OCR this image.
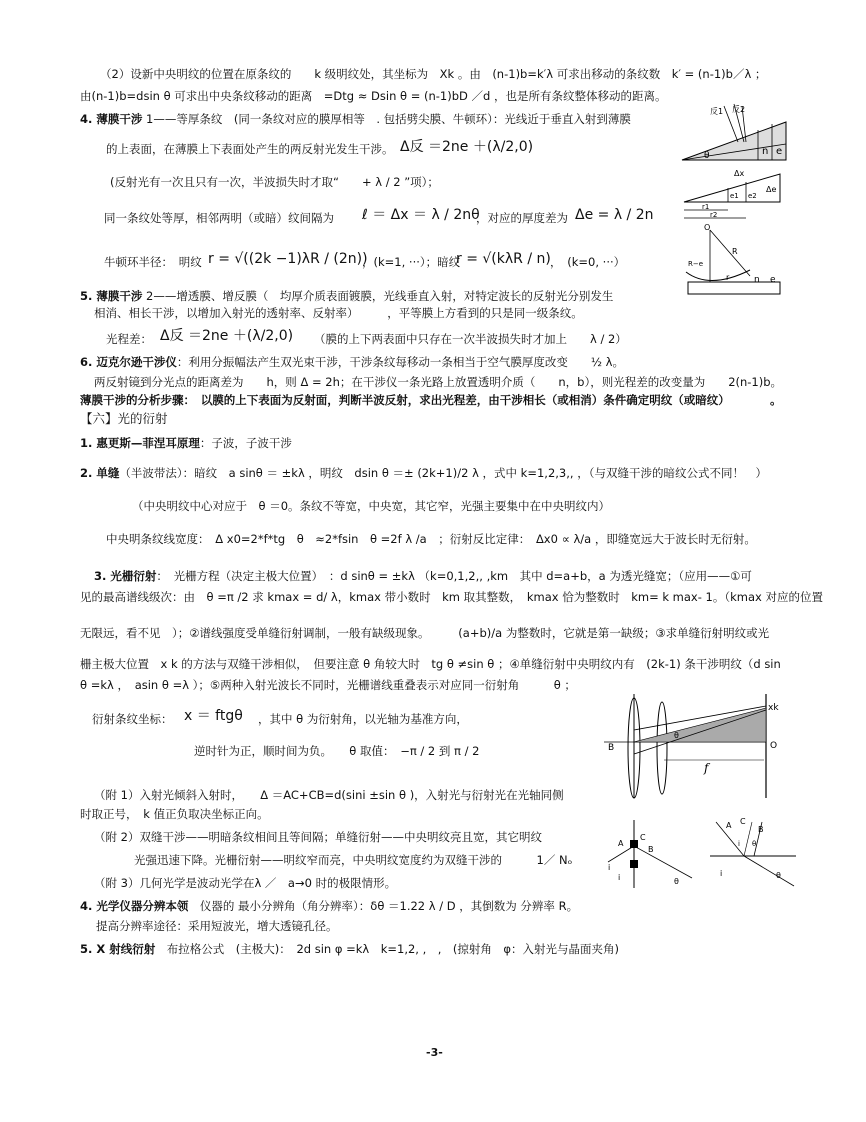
（2）设新中央明纹的位置在原条纹的　　k 级明纹处，其坐标为　Xk 。由　(n-1)b=k′λ 可求出移动的条纹数　k′ = (n-1)b／λ ；
由(n-1)b=dsin θ 可求出中央条纹移动的距离　=Dtg ≈ Dsin θ = (n-1)bD ／d ，也是所有条纹整体移动的距离。
4. 薄膜干涉 1——等厚条纹　(同一条纹对应的膜厚相等　. 包括劈尖膜、牛顿环）：光线近于垂直入射到薄膜
的上表面，在薄膜上下表面处产生的两反射光发生干涉。 Δ反 ＝2ne ＋(λ/2,0)
(反射光有一次且只有一次，半波损失时才取“　　+ λ / 2 ”项）；
同一条纹处等厚，相邻两明（或暗）纹间隔为 ℓ ＝ Δx ＝ λ / 2nθ
，对应的厚度差为 Δe = λ / 2n
牛顿环半径：　明纹 r = √((2k −1)λR / (2n))
，(k=1, ···）；暗纹
r = √(kλR / n) ，　(k=0, ···）
5. 薄膜干涉 2——增透膜、增反膜（　均厚介质表面镀膜，光线垂直入射，对特定波长的反射光分别发生
相消、相长干涉，以增加入射光的透射率、反射率）　　　，平等膜上方看到的只是同一级条纹。
光程差： Δ反 ＝2ne ＋(λ/2,0) （膜的上下两表面中只存在一次半波损失时才加上　　λ / 2）
6. 迈克尔逊干涉仪：利用分振幅法产生双光束干涉，干涉条纹每移动一条相当于空气膜厚度改变　　½ λ。
两反射镜到分光点的距离差为　　h，则 Δ = 2h；在干涉仪一条光路上放置透明介质（　　n，b），则光程差的改变量为　　2(n-1)b。
薄膜干涉的分析步骤：　以膜的上下表面为反射面，判断半波反射，求出光程差，由干涉相长（或相消）条件确定明纹（或暗纹）　　　　。
【六】光的衍射
1. 惠更斯—菲涅耳原理：子波，子波干涉
2. 单缝（半波带法）：暗纹　a sinθ ＝ ±kλ ，明纹　dsin θ ＝± (2k+1)/2 λ ，式中 k=1,2,3,, ，（与双缝干涉的暗纹公式不同！　）
（中央明纹中心对应于　θ ＝0。条纹不等宽，中央宽，其它窄，光强主要集中在中央明纹内）
中央明条纹线宽度：　Δ x0=2*f*tg　θ　≈2*fsin　θ =2f λ /a　；衍射反比定律：　Δx0 ∝ λ/a ，即缝宽远大于波长时无衍射。
3. 光栅衍射：　光栅方程（决定主极大位置）　：d sinθ = ±kλ （k=0,1,2,, ,km　其中 d=a+b，a 为透光缝宽；（应用——①可
见的最高谱线级次：由　θ =π /2 求 kmax = d/ λ，kmax 带小数时　km 取其整数，　kmax 恰为整数时　km= k max- 1。（kmax 对应的位置
无限远，看不见　）；②谱线强度受单缝衍射调制，一般有缺级现象。　　　(a+b)/a 为整数时，它就是第一缺级；③求单缝衍射明纹或光
栅主极大位置　x k 的方法与双缝干涉相似，　但要注意 θ 角较大时　tg θ ≠sin θ ；④单缝衍射中央明纹内有　(2k-1) 条干涉明纹（d sin
θ =kλ ，　asin θ =λ ）；⑤两种入射光波长不同时，光栅谱线重叠表示对应同一衍射角　　　θ ；
衍射条纹坐标： x ＝ ftgθ ，其中 θ 为衍射角，以光轴为基准方向，
逆时针为正，顺时间为负。　　θ 取值：　−π / 2 到 π / 2
（附 1）入射光倾斜入射时，　　Δ ＝AC+CB=d(sini ±sin θ )，入射光与衍射光在光轴同侧
时取正号，　k 值正负取决坐标正向。
（附 2）双缝干涉——明暗条纹相间且等间隔；单缝衍射——中央明纹亮且宽，其它明纹
光强迅速下降。光栅衍射——明纹窄而亮，中央明纹宽度约为双缝干涉的　　　1／ Nₒ
（附 3）几何光学是波动光学在λ ／　a→0 时的极限情形。
4. 光学仪器分辨本领　仪器的 最小分辨角（角分辨率）：δθ ＝1.22 λ / D ，其倒数为 分辨率 R。
提高分辨率途径：采用短波光，增大透镜孔径。
5. X 射线衍射　布拉格公式　(主极大)：　2d sin φ =kλ　k=1,2, ,　,　(掠射角　φ：入射光与晶面夹角)
反1 反2
θ	n e
Δx
Δe
e1 e2
r1
r2
O
R
R−e
r	n e
xk
θ
B	O
f
A
C
B
i
θ
i
A C
B
i θ
θ
i
-3-
